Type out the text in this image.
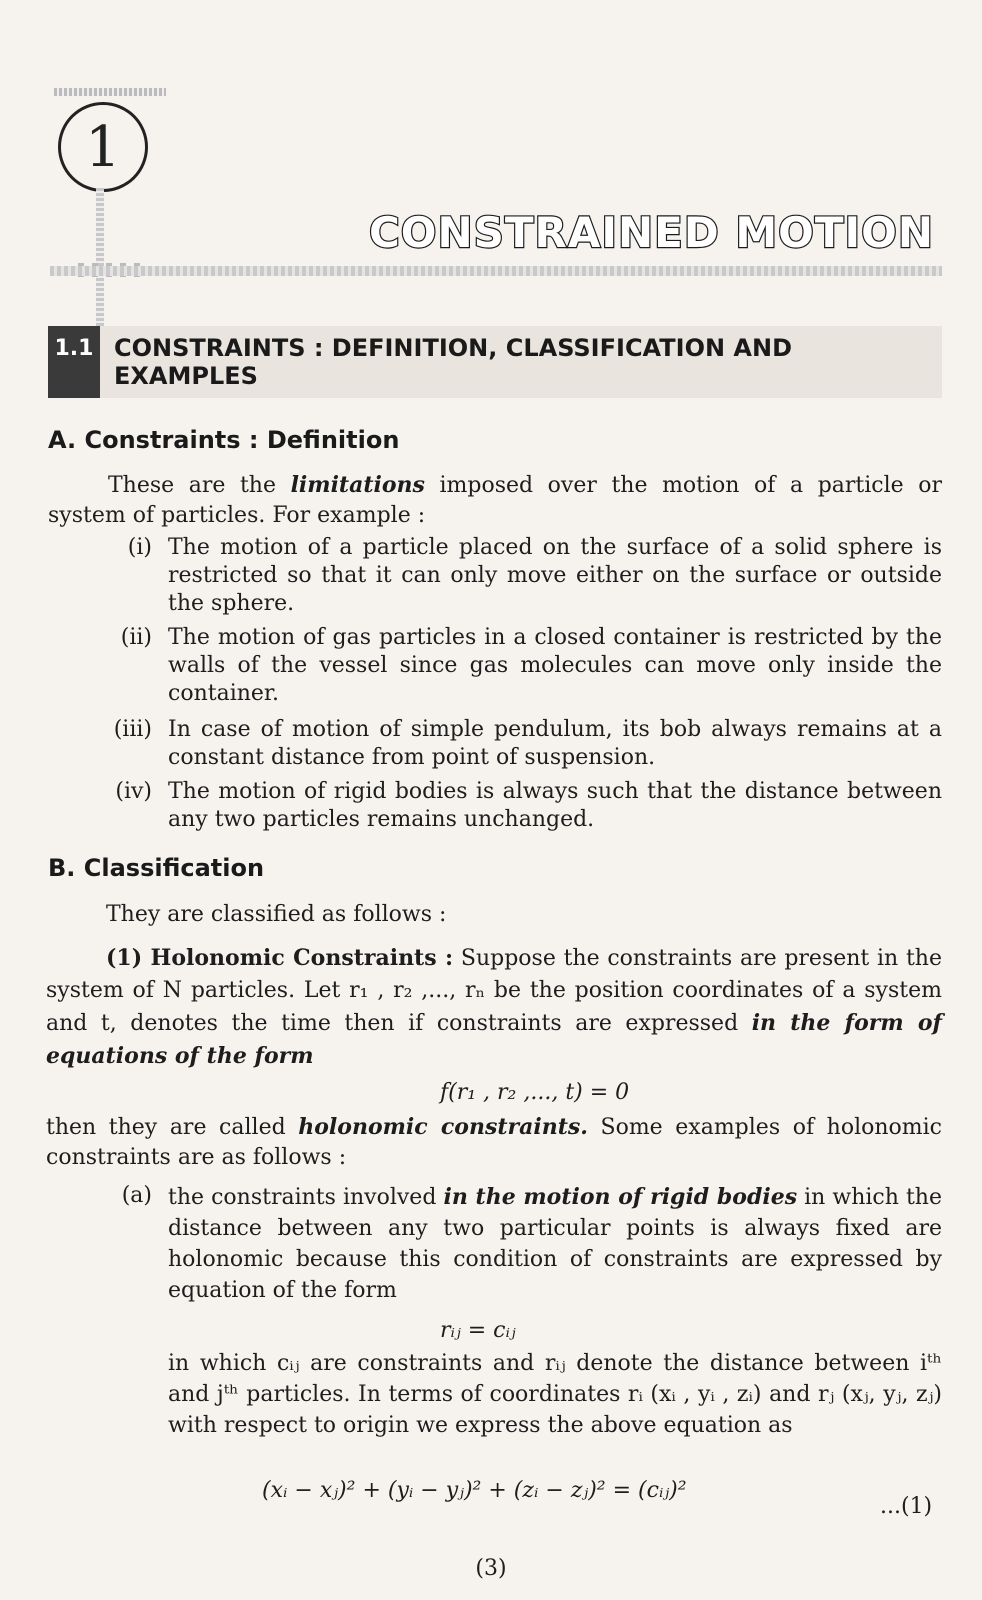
1
CONSTRAINED MOTION
1.1 CONSTRAINTS : DEFINITION, CLASSIFICATION AND
EXAMPLES
A. Constraints : Definition
These are the limitations imposed over the motion of a particle or system of particles. For example :
(i) The motion of a particle placed on the surface of a solid sphere is restricted so that it can only move either on the surface or outside the sphere.
(ii) The motion of gas particles in a closed container is restricted by the walls of the vessel since gas molecules can move only inside the container.
(iii) In case of motion of simple pendulum, its bob always remains at a constant distance from point of suspension.
(iv) The motion of rigid bodies is always such that the distance between any two particles remains unchanged.
B. Classification
They are classified as follows :
(1) Holonomic Constraints : Suppose the constraints are present in the system of N particles. Let r₁ , r₂ ,..., rₙ be the position coordinates of a system and t, denotes the time then if constraints are expressed in the form of equations of the form
f(r₁ , r₂ ,..., t) = 0
then they are called holonomic constraints. Some examples of holonomic constraints are as follows :
(a) the constraints involved in the motion of rigid bodies in which the distance between any two particular points is always fixed are holonomic because this condition of constraints are expressed by equation of the form
rᵢⱼ = cᵢⱼ
in which cᵢⱼ are constraints and rᵢⱼ denote the distance between iᵗʰ and jᵗʰ particles. In terms of coordinates rᵢ (xᵢ , yᵢ , zᵢ) and rⱼ (xⱼ, yⱼ, zⱼ) with respect to origin we express the above equation as
(xᵢ − xⱼ)² + (yᵢ − yⱼ)² + (zᵢ − zⱼ)² = (cᵢⱼ)²
...(1)
(3)
